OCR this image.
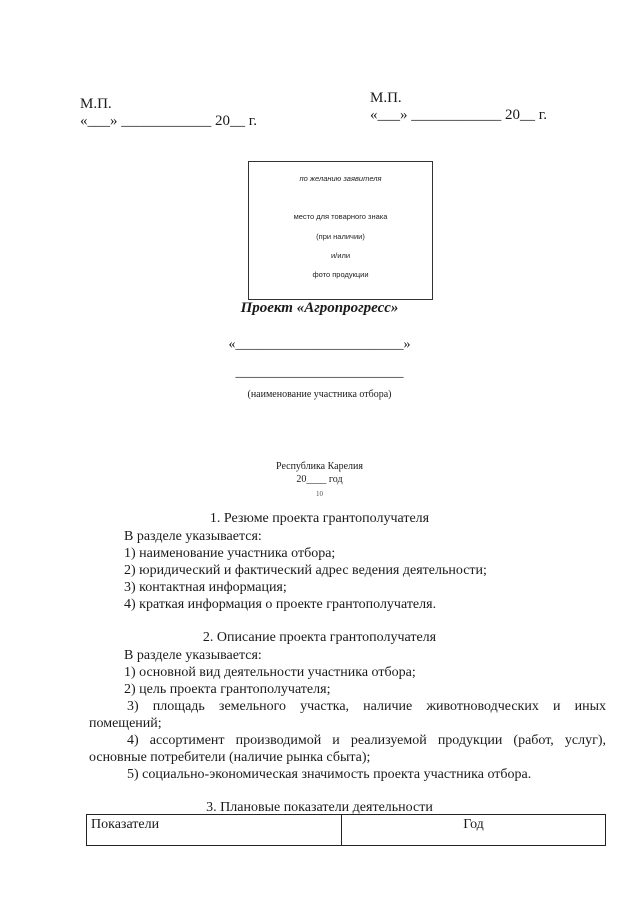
М.П.
«___» ____________ 20__ г.
М.П.
«___» ____________ 20__ г.
по желанию заявителя
место для товарного знака
(при наличии)
и/или
фото продукции
Проект «Агропрогресс»
«________________________»
________________________
(наименование участника отбора)
Республика Карелия
20____ год
10
1. Резюме проекта грантополучателя
В разделе указывается:
1) наименование участника отбора;
2) юридический и фактический адрес ведения деятельности;
3) контактная информация;
4) краткая информация о проекте грантополучателя.
2. Описание проекта грантополучателя
В разделе указывается:
1) основной вид деятельности участника отбора;
2) цель проекта грантополучателя;
3) площадь земельного участка, наличие животноводческих и иных
помещений;
4) ассортимент производимой и реализуемой продукции (работ, услуг),
основные потребители (наличие рынка сбыта);
5) социально-экономическая значимость проекта участника отбора.
3. Плановые показатели деятельности
Показатели	Год
